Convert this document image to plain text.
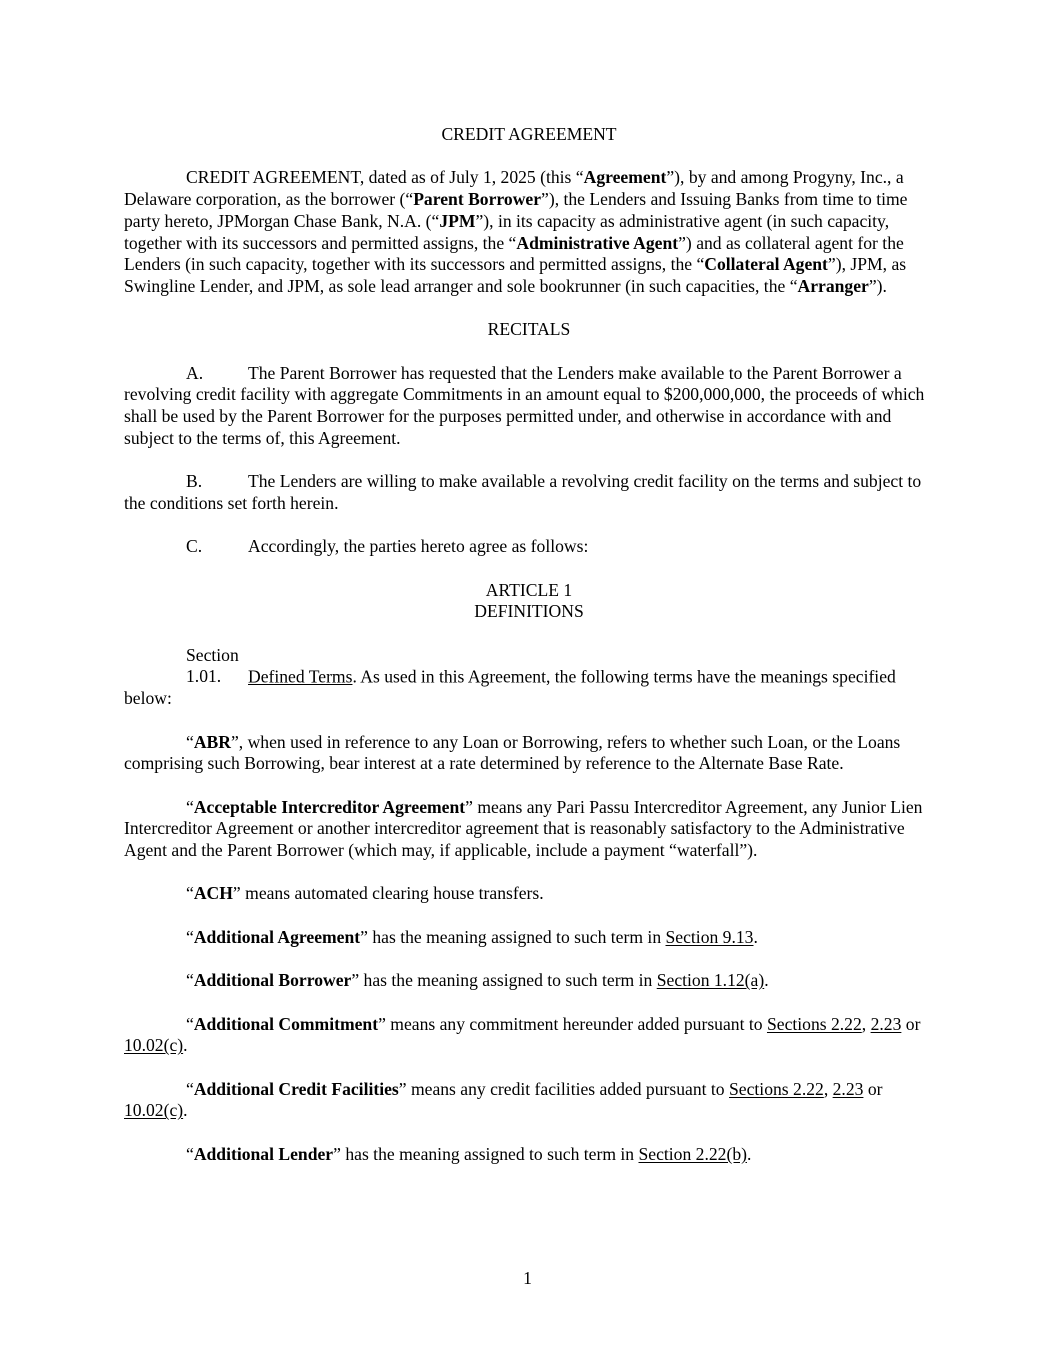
CREDIT AGREEMENT

CREDIT AGREEMENT, dated as of July 1, 2025 (this “Agreement”), by and among Progyny, Inc., a Delaware corporation, as the borrower (“Parent Borrower”), the Lenders and Issuing Banks from time to time party hereto, JPMorgan Chase Bank, N.A. (“JPM”), in its capacity as administrative agent (in such capacity, together with its successors and permitted assigns, the “Administrative Agent”) and as collateral agent for the Lenders (in such capacity, together with its successors and permitted assigns, the “Collateral Agent”), JPM, as Swingline Lender, and JPM, as sole lead arranger and sole bookrunner (in such capacities, the “Arranger”).

RECITALS

A.	The Parent Borrower has requested that the Lenders make available to the Parent Borrower a revolving credit facility with aggregate Commitments in an amount equal to $200,000,000, the proceeds of which shall be used by the Parent Borrower for the purposes permitted under, and otherwise in accordance with and subject to the terms of, this Agreement.

B.	The Lenders are willing to make available a revolving credit facility on the terms and subject to the conditions set forth herein.

C.	Accordingly, the parties hereto agree as follows:

ARTICLE 1
DEFINITIONS

Section 1.01. Defined Terms. As used in this Agreement, the following terms have the meanings specified below:

“ABR”, when used in reference to any Loan or Borrowing, refers to whether such Loan, or the Loans comprising such Borrowing, bear interest at a rate determined by reference to the Alternate Base Rate.

“Acceptable Intercreditor Agreement” means any Pari Passu Intercreditor Agreement, any Junior Lien Intercreditor Agreement or another intercreditor agreement that is reasonably satisfactory to the Administrative Agent and the Parent Borrower (which may, if applicable, include a payment “waterfall”).

“ACH” means automated clearing house transfers.

“Additional Agreement” has the meaning assigned to such term in Section 9.13.

“Additional Borrower” has the meaning assigned to such term in Section 1.12(a).

“Additional Commitment” means any commitment hereunder added pursuant to Sections 2.22, 2.23 or 10.02(c).

“Additional Credit Facilities” means any credit facilities added pursuant to Sections 2.22, 2.23 or 10.02(c).

“Additional Lender” has the meaning assigned to such term in Section 2.22(b).

1
